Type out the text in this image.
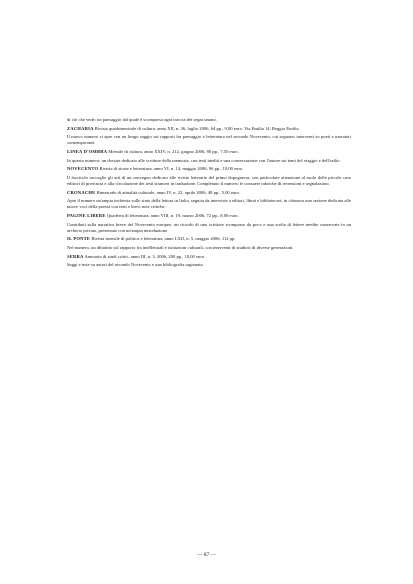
di ciò che vede: un paesaggio dal quale è scomparsa ogni traccia dei segni umani.

ZACHARIA Rivista quadrimestrale di cultura, anno XII, n. 36, luglio 2006, 64 pp., 9,00 euro. Via Emilia 14, Reggio Emilia.

Il nuovo numero si apre con un lungo saggio sui rapporti fra paesaggio e letteratura nel secondo Novecento, cui seguono interventi su poeti e narratori contemporanei.

LINEA D'OMBRA Mensile di cultura, anno XXIV, n. 212, giugno 2006, 80 pp., 7,50 euro.

In questo numero: un dossier dedicato alle scritture della memoria, con testi inediti e una conversazione con l'autore sui temi del viaggio e dell'esilio.

NOVECENTO Rivista di storia e letteratura, anno VI, n. 14, maggio 2006, 96 pp., 10,00 euro.

Il fascicolo raccoglie gli atti di un convegno dedicato alle riviste letterarie del primo dopoguerra, con particolare attenzione al ruolo delle piccole case editrici di provincia e alla circolazione dei testi stranieri in traduzione. Completano il numero le consuete rubriche di recensioni e segnalazioni.

CRONACHE Bimestrale di attualità culturale, anno IV, n. 22, aprile 2006, 48 pp., 5,00 euro.

Apre il numero un'ampia inchiesta sullo stato della lettura in Italia, seguita da interviste a editori, librai e bibliotecari; in chiusura una sezione dedicata alle nuove voci della poesia con testi e brevi note critiche.

PAGINE LIBERE Quaderni di letteratura, anno VIII, n. 19, marzo 2006, 72 pp., 8,00 euro.

Contributi sulla narrativa breve del Novecento europeo, un ricordo di uno scrittore scomparso da poco e una scelta di lettere inedite conservate in un archivio privato, presentate con un'ampia introduzione.

IL PONTE Rivista mensile di politica e letteratura, anno LXII, n. 5, maggio 2006, 112 pp.

Nel numero, un dibattito sul rapporto fra intellettuali e istituzioni culturali, con interventi di studiosi di diverse generazioni.

SERRA Annuario di studi critici, anno III, n. 3, 2006, 200 pp., 18,00 euro.

Saggi e note su autori del secondo Novecento e una bibliografia ragionata.

— 87 —
